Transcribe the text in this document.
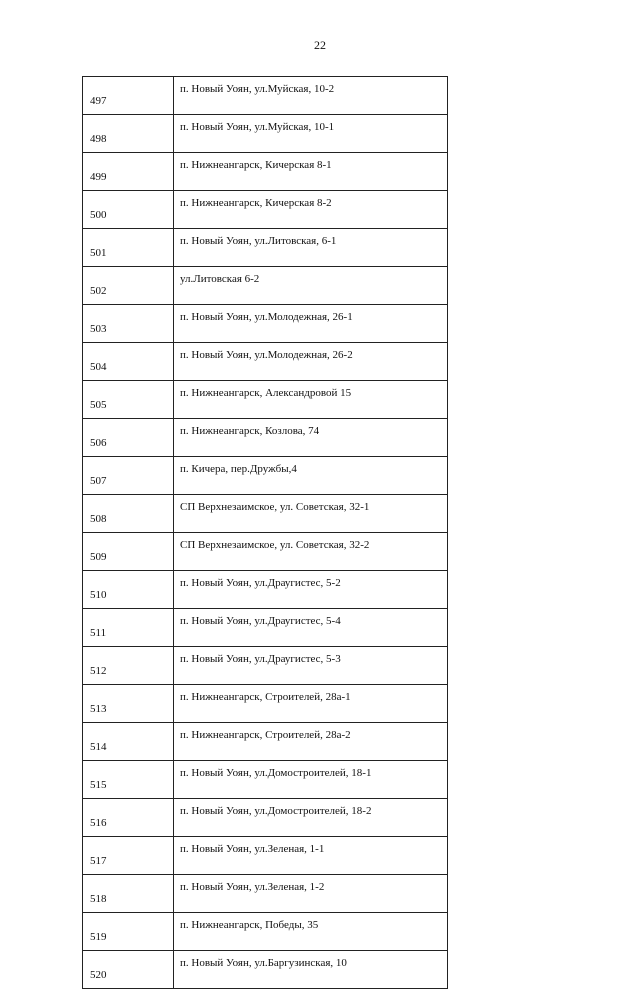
22
497	п. Новый Уоян, ул.Муйская, 10-2
498	п. Новый Уоян, ул.Муйская, 10-1
499	п. Нижнеангарск, Кичерская 8-1
500	п. Нижнеангарск, Кичерская 8-2
501	п. Новый Уоян, ул.Литовская, 6-1
502	ул.Литовская 6-2
503	п. Новый Уоян, ул.Молодежная, 26-1
504	п. Новый Уоян, ул.Молодежная, 26-2
505	п. Нижнеангарск, Александровой 15
506	п. Нижнеангарск, Козлова, 74
507	п. Кичера, пер.Дружбы,4
508	СП Верхнезаимское, ул. Советская, 32-1
509	СП Верхнезаимское, ул. Советская, 32-2
510	п. Новый Уоян, ул.Драугистес, 5-2
511	п. Новый Уоян, ул.Драугистес, 5-4
512	п. Новый Уоян, ул.Драугистес, 5-3
513	п. Нижнеангарск, Строителей, 28а-1
514	п. Нижнеангарск, Строителей, 28а-2
515	п. Новый Уоян, ул.Домостроителей, 18-1
516	п. Новый Уоян, ул.Домостроителей, 18-2
517	п. Новый Уоян, ул.Зеленая, 1-1
518	п. Новый Уоян, ул.Зеленая, 1-2
519	п. Нижнеангарск, Победы, 35
520	п. Новый Уоян, ул.Баргузинская, 10
